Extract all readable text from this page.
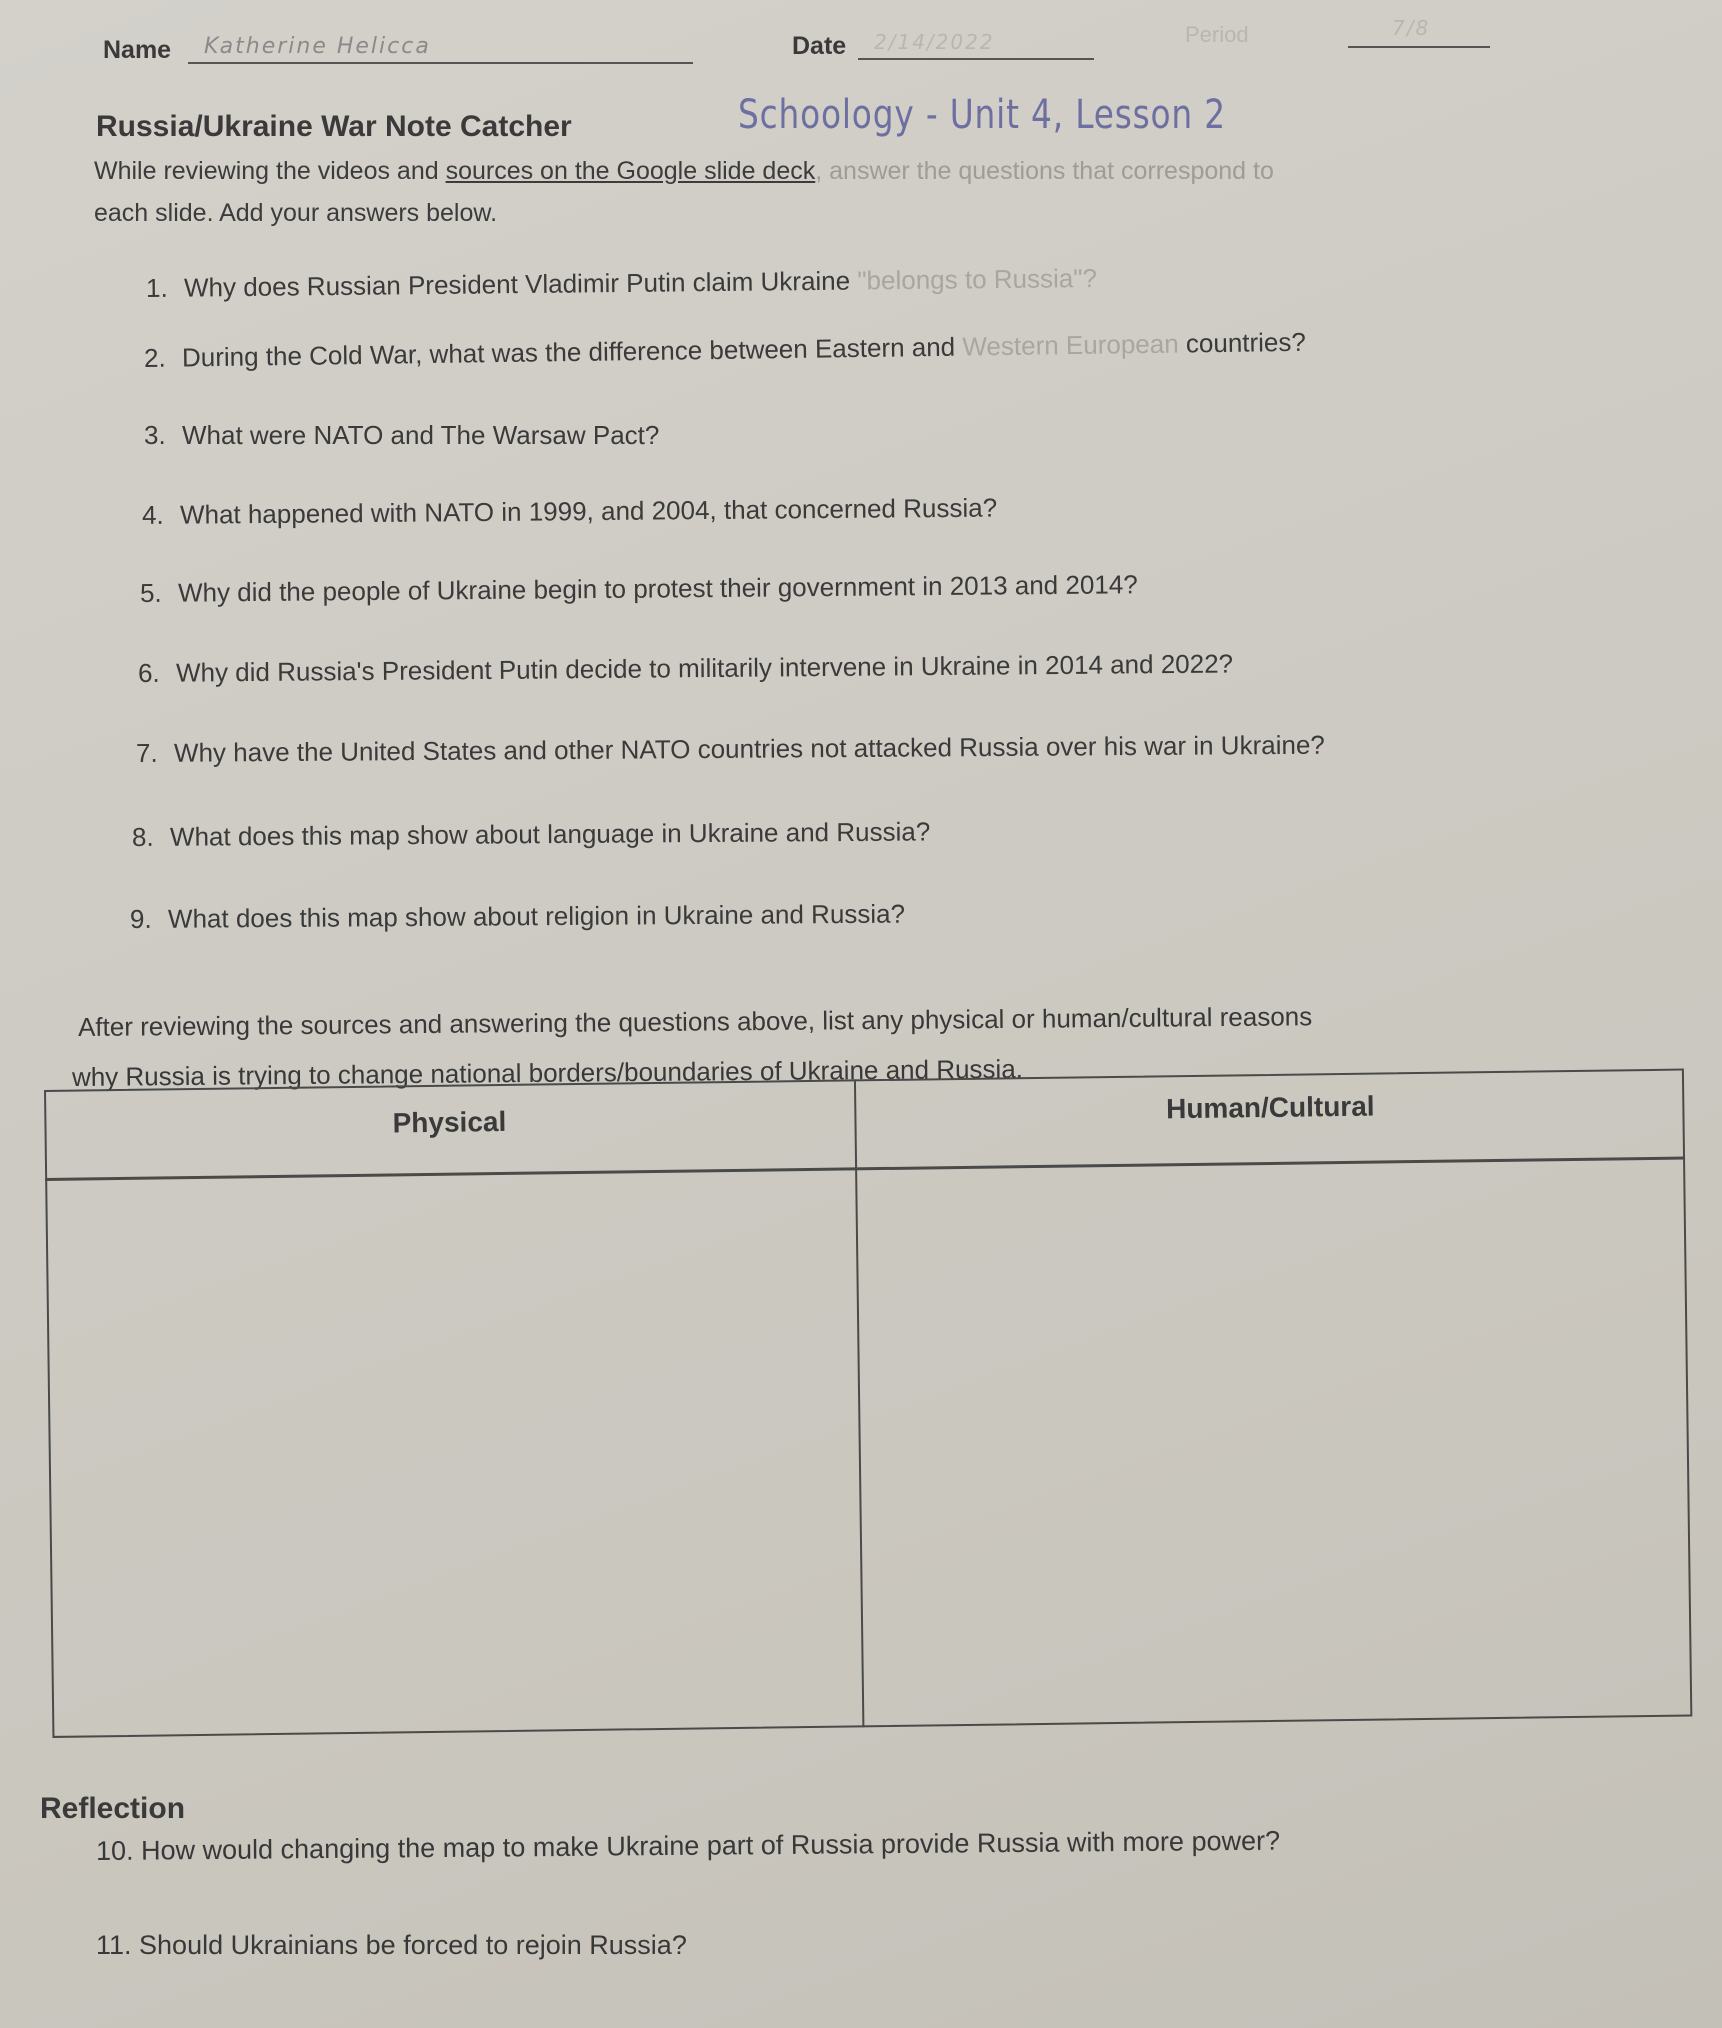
Name Katherine Helicca	Date 2/14/2022	Period	7/8
Russia/Ukraine War Note Catcher	Schoology - Unit 4, Lesson 2
While reviewing the videos and sources on the Google slide deck, answer the questions that correspond to
each slide. Add your answers below.
1. Why does Russian President Vladimir Putin claim Ukraine "belongs to Russia"?
2. During the Cold War, what was the difference between Eastern and Western European countries?
3. What were NATO and The Warsaw Pact?
4. What happened with NATO in 1999, and 2004, that concerned Russia?
5. Why did the people of Ukraine begin to protest their government in 2013 and 2014?
6. Why did Russia's President Putin decide to militarily intervene in Ukraine in 2014 and 2022?
7. Why have the United States and other NATO countries not attacked Russia over his war in Ukraine?
8. What does this map show about language in Ukraine and Russia?
9. What does this map show about religion in Ukraine and Russia?
After reviewing the sources and answering the questions above, list any physical or human/cultural reasons
why Russia is trying to change national borders/boundaries of Ukraine and Russia.
Physical	Human/Cultural
Reflection
10. How would changing the map to make Ukraine part of Russia provide Russia with more power?
11. Should Ukrainians be forced to rejoin Russia?
